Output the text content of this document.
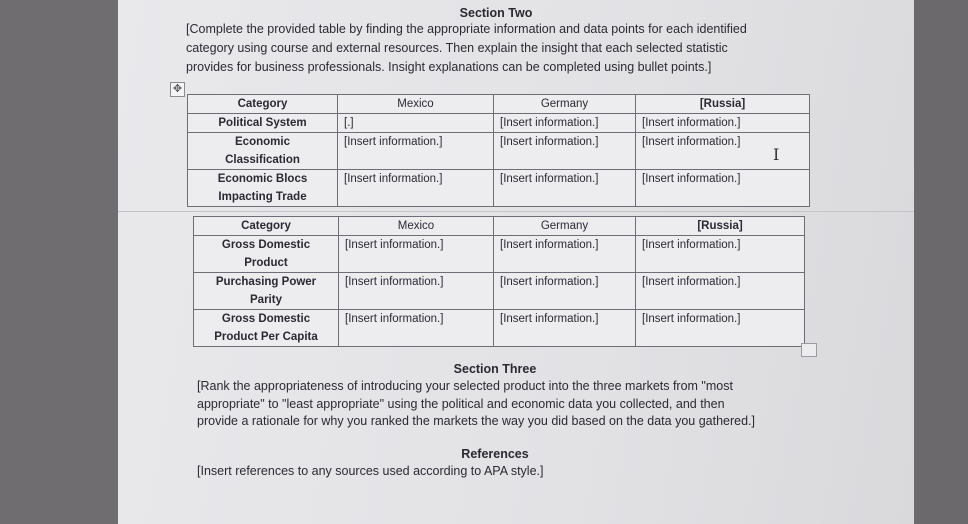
Section Two
[Complete the provided table by finding the appropriate information and data points for each identified
category using course and external resources. Then explain the insight that each selected statistic
provides for business professionals. Insight explanations can be completed using bullet points.]
✥
Category	Mexico	Germany	[Russia]

Political System	[.]	[Insert information.]	[Insert information.]

Economic
Classification	[Insert information.]	[Insert information.]	[Insert information.]

Economic Blocs
Impacting Trade	[Insert information.]	[Insert information.]	[Insert information.]
I
Category	Mexico	Germany	[Russia]

Gross Domestic
Product	[Insert information.]	[Insert information.]	[Insert information.]

Purchasing Power
Parity	[Insert information.]	[Insert information.]	[Insert information.]

Gross Domestic
Product Per Capita	[Insert information.]	[Insert information.]	[Insert information.]
Section Three
[Rank the appropriateness of introducing your selected product into the three markets from "most
appropriate" to "least appropriate" using the political and economic data you collected, and then
provide a rationale for why you ranked the markets the way you did based on the data you gathered.]
References
[Insert references to any sources used according to APA style.]
